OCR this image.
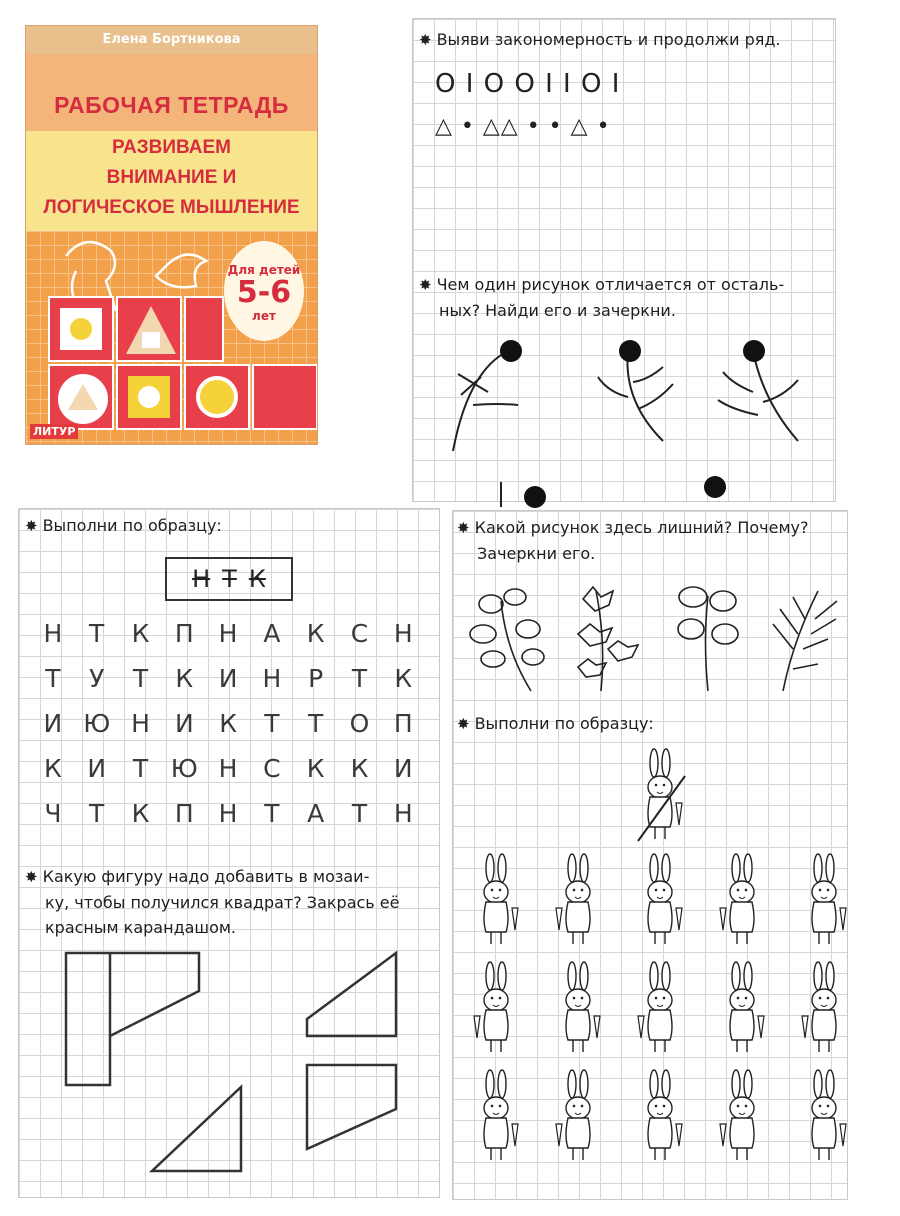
Елена Бортникова
РАБОЧАЯ ТЕТРАДЬ
РАЗВИВАЕМ
ВНИМАНИЕ И
ЛОГИЧЕСКОЕ МЫШЛЕНИЕ
Для детей
5-6
лет
ЛИТУР
✸ Выяви закономерность и продолжи ряд.
O I O O I I O I
△ • △△ • • △ •
✸ Чем один рисунок отличается от осталь-
ных? Найди его и зачеркни.
✸ Выполни по образцу:
Н Т К
Н Т К П Н А К С Н
Т У Т К И Н Р Т К
И Ю Н И К Т Т О П
К И Т Ю Н С К К И
Ч Т К П Н Т А Т Н
✸ Какую фигуру надо добавить в мозаи-
ку, чтобы получился квадрат? Закрась её
красным карандашом.
✸ Какой рисунок здесь лишний? Почему?
Зачеркни его.
✸ Выполни по образцу:
